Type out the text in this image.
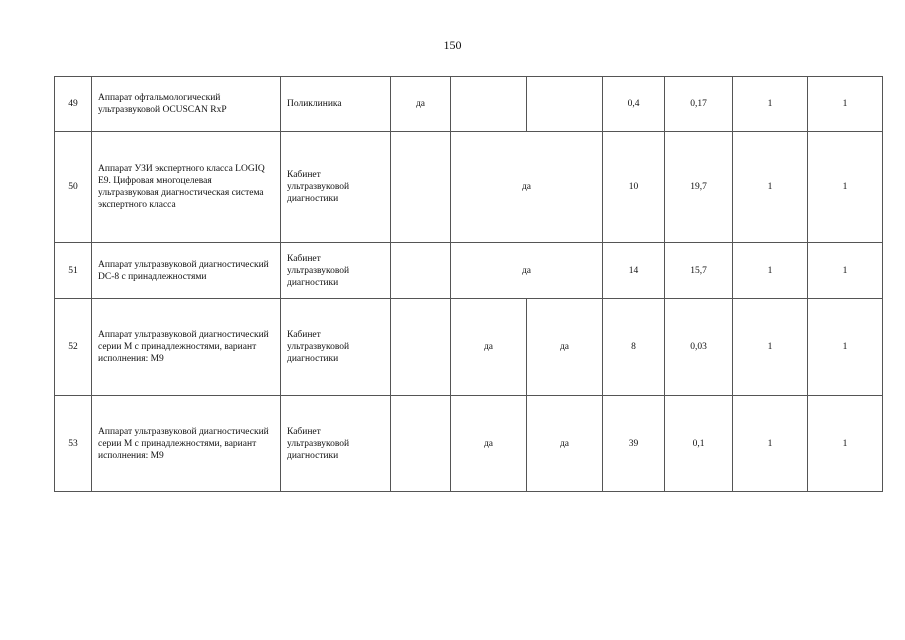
150
49	Аппарат офтальмологический ультразвуковой OCUSCAN RxP	Поликлиника	да			0,4	0,17	1	1
50	Аппарат УЗИ экспертного класса LOGIQ E9. Цифровая многоцелевая ультразвуковая диагностическая система экспертного класса	Кабинет ультразвуковой диагностики		да		10	19,7	1	1
51	Аппарат ультразвуковой диагностический DC-8 с принадлежностями	Кабинет ультразвуковой диагностики		да		14	15,7	1	1
52	Аппарат ультразвуковой диагностический серии M с принадлежностями, вариант исполнения: M9	Кабинет ультразвуковой диагностики		да	да	8	0,03	1	1
53	Аппарат ультразвуковой диагностический серии M с принадлежностями, вариант исполнения: M9	Кабинет ультразвуковой диагностики		да	да	39	0,1	1	1
